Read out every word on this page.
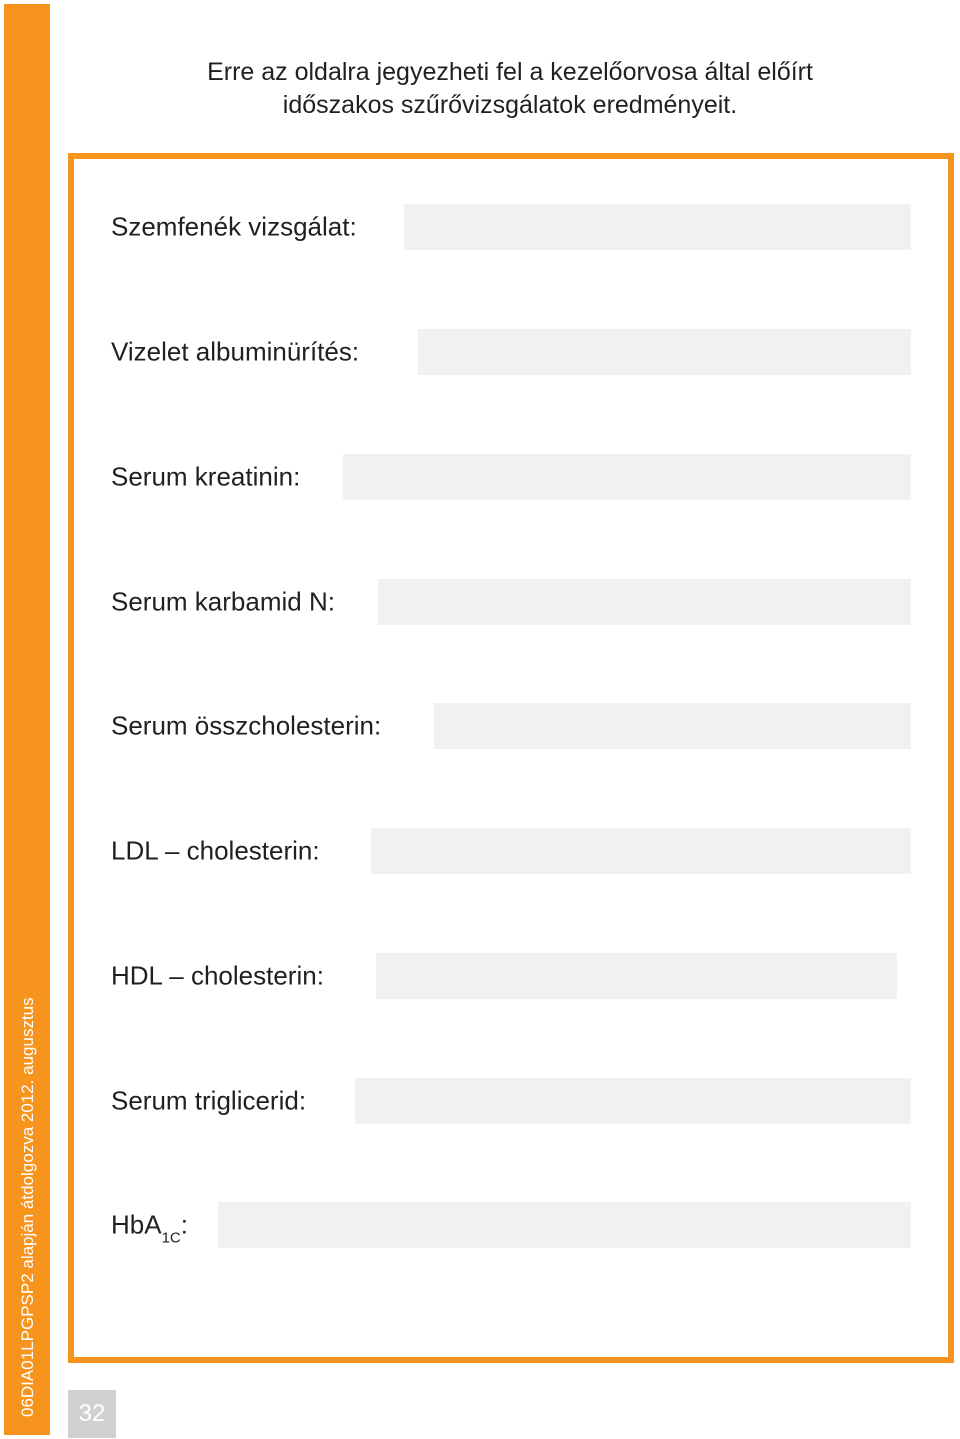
06DIA01LPGPSP2 alapján átdolgozva 2012. augusztus 32
Erre az oldalra jegyezheti fel a kezelőorvosa által előírt
időszakos szűrővizsgálatok eredményeit.
Szemfenék vizsgálat:
Vizelet albuminürítés:
Serum kreatinin:
Serum karbamid N:
Serum összcholesterin:
LDL – cholesterin:
HDL – cholesterin:
Serum triglicerid:
HbA$_{1C}$:
